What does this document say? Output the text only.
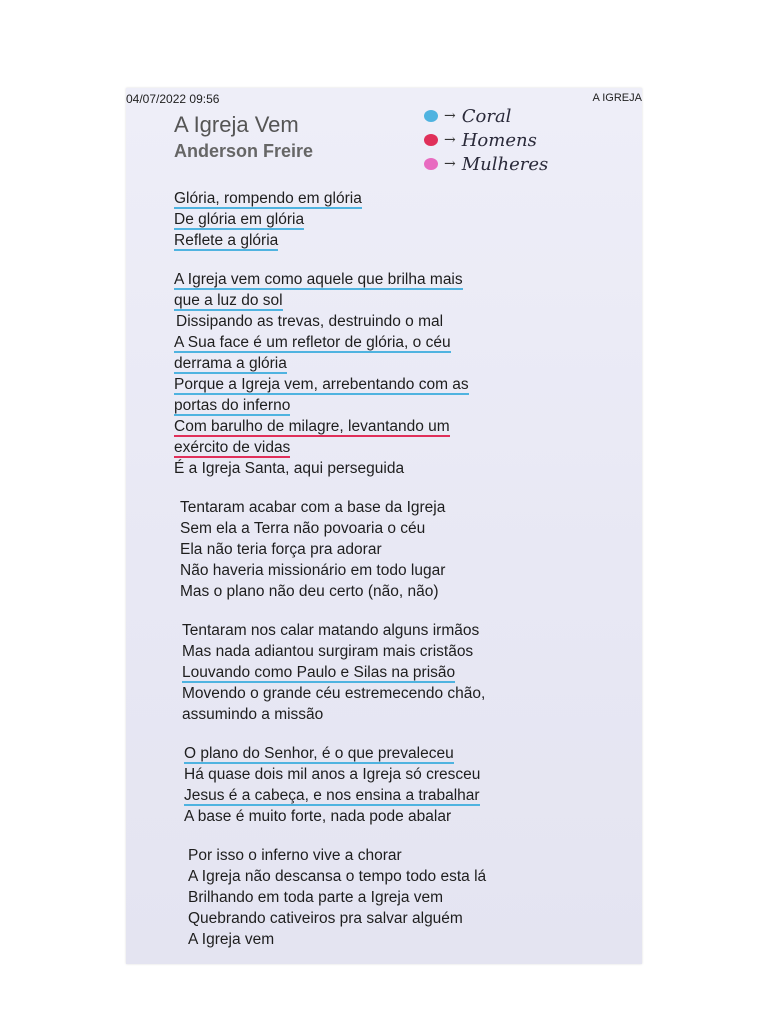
04/07/2022 09:56	A IGREJA
A Igreja Vem
Anderson Freire
→ Coral
→ Homens
→ Mulheres
Glória, rompendo em glória
De glória em glória
Reflete a glória
A Igreja vem como aquele que brilha mais
que a luz do sol
Dissipando as trevas, destruindo o mal
A Sua face é um refletor de glória, o céu
derrama a glória
Porque a Igreja vem, arrebentando com as
portas do inferno
Com barulho de milagre, levantando um
exército de vidas
É a Igreja Santa, aqui perseguida
Tentaram acabar com a base da Igreja
Sem ela a Terra não povoaria o céu
Ela não teria força pra adorar
Não haveria missionário em todo lugar
Mas o plano não deu certo (não, não)
Tentaram nos calar matando alguns irmãos
Mas nada adiantou surgiram mais cristãos
Louvando como Paulo e Silas na prisão
Movendo o grande céu estremecendo chão,
assumindo a missão
O plano do Senhor, é o que prevaleceu
Há quase dois mil anos a Igreja só cresceu
Jesus é a cabeça, e nos ensina a trabalhar
A base é muito forte, nada pode abalar
Por isso o inferno vive a chorar
A Igreja não descansa o tempo todo esta lá
Brilhando em toda parte a Igreja vem
Quebrando cativeiros pra salvar alguém
A Igreja vem
